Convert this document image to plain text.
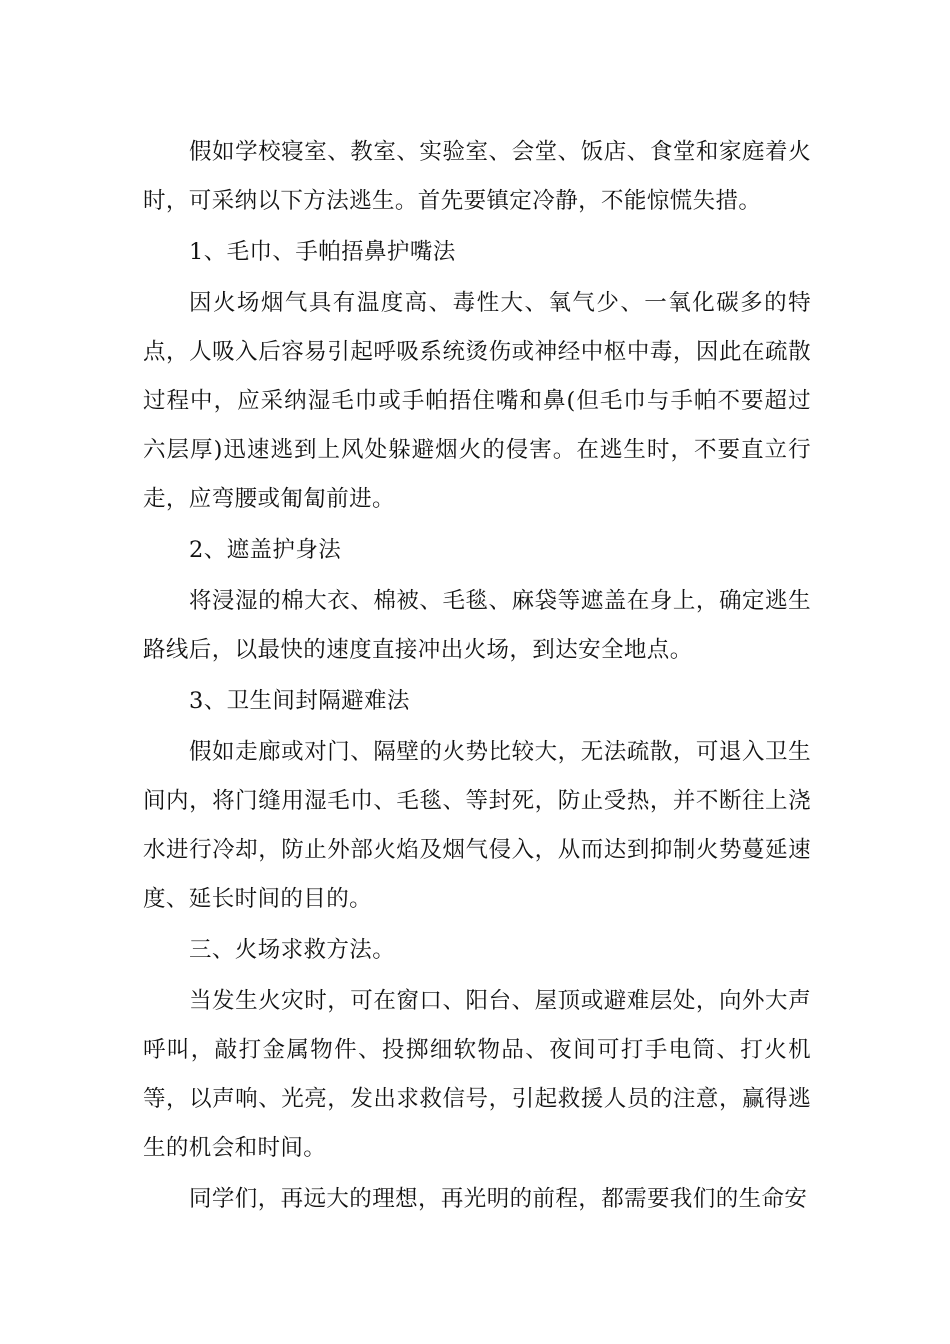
假如学校寝室、教室、实验室、会堂、饭店、食堂和家庭着火时，可采纳以下方法逃生。首先要镇定冷静，不能惊慌失措。

1、毛巾、手帕捂鼻护嘴法

因火场烟气具有温度高、毒性大、氧气少、一氧化碳多的特点，人吸入后容易引起呼吸系统烫伤或神经中枢中毒，因此在疏散过程中，应采纳湿毛巾或手帕捂住嘴和鼻(但毛巾与手帕不要超过六层厚)迅速逃到上风处躲避烟火的侵害。在逃生时，不要直立行走，应弯腰或匍匐前进。

2、遮盖护身法

将浸湿的棉大衣、棉被、毛毯、麻袋等遮盖在身上，确定逃生路线后，以最快的速度直接冲出火场，到达安全地点。

3、卫生间封隔避难法

假如走廊或对门、隔壁的火势比较大，无法疏散，可退入卫生间内，将门缝用湿毛巾、毛毯、等封死，防止受热，并不断往上浇水进行冷却，防止外部火焰及烟气侵入，从而达到抑制火势蔓延速度、延长时间的目的。

三、火场求救方法。

当发生火灾时，可在窗口、阳台、屋顶或避难层处，向外大声呼叫，敲打金属物件、投掷细软物品、夜间可打手电筒、打火机等，以声响、光亮，发出求救信号，引起救援人员的注意，赢得逃生的机会和时间。

同学们，再远大的理想，再光明的前程，都需要我们的生命安
